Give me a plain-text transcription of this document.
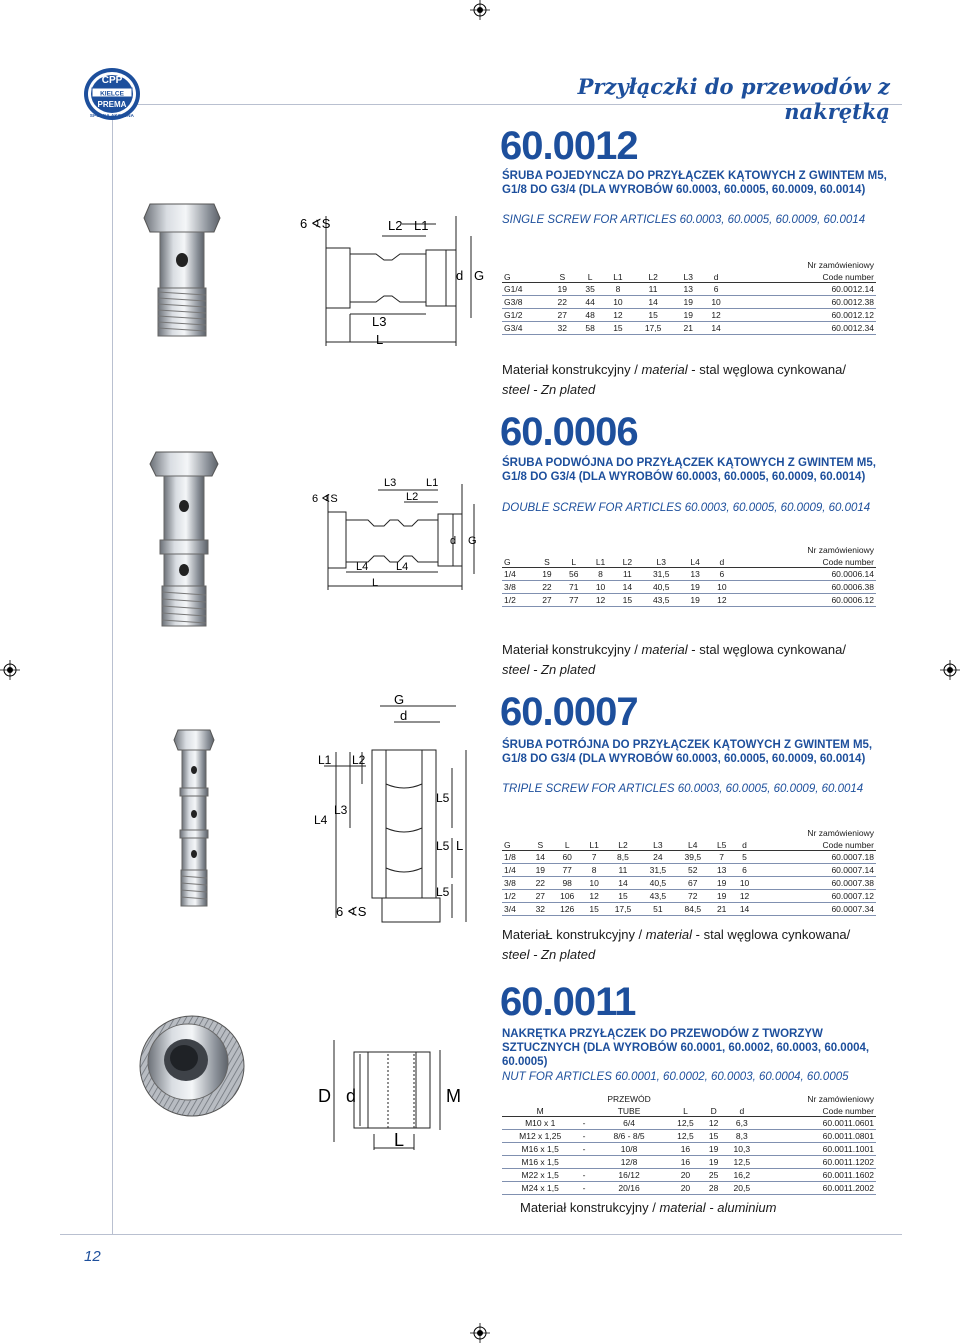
CPP
KIELCE
PREMA
SPÓŁKA AKCYJNA
Przyłączki do przewodów z nakrętką
6 ∢S	L2 L1
L3
L
d G
60.0012
ŚRUBA POJEDYNCZA DO PRZYŁĄCZEK KĄTOWYCH Z GWINTEM M5, G1/8 DO G3/4 (DLA WYROBÓW 60.0003, 60.0005, 60.0009, 60.0014)
SINGLE SCREW FOR ARTICLES 60.0003, 60.0005, 60.0009, 60.0014
							Nr zamówieniowy
G	S	L	L1	L2	L3	d	Code number
G1/4	19	35	8	11	13	6	60.0012.14
G3/8	22	44	10	14	19	10	60.0012.38
G1/2	27	48	12	15	19	12	60.0012.12
G3/4	32	58	15	17,5	21	14	60.0012.34
Materiał konstrukcyjny / material - stal węglowa cynkowana/
steel - Zn plated
6 ∢S
L3	L1
L2
L4	L4
L
d G
60.0006
ŚRUBA PODWÓJNA DO PRZYŁĄCZEK KĄTOWYCH Z GWINTEM M5, G1/8 DO G3/4 (DLA WYROBÓW 60.0003, 60.0005, 60.0009, 60.0014)
DOUBLE SCREW FOR ARTICLES 60.0003, 60.0005, 60.0009, 60.0014
								Nr zamówieniowy
G	S	L	L1	L2	L3	L4	d	Code number
1/4	19	56	8	11	31,5	13	6	60.0006.14
3/8	22	71	10	14	40,5	19	10	60.0006.38
1/2	27	77	12	15	43,5	19	12	60.0006.12
Materiał konstrukcyjny / material - stal węglowa cynkowana/
steel - Zn plated
G
d
L1 L2
L3
L4
L5
L5
L5
L
6 ∢S
60.0007
ŚRUBA POTRÓJNA DO PRZYŁĄCZEK KĄTOWYCH Z GWINTEM M5, G1/8 DO G3/4 (DLA WYROBÓW 60.0003, 60.0005, 60.0009, 60.0014)
TRIPLE SCREW FOR ARTICLES 60.0003, 60.0005, 60.0009, 60.0014
									Nr zamówieniowy
G	S	L	L1	L2	L3	L4	L5	d	Code number
1/8	14	60	7	8,5	24	39,5	7	5	60.0007.18
1/4	19	77	8	11	31,5	52	13	6	60.0007.14
3/8	22	98	10	14	40,5	67	19	10	60.0007.38
1/2	27	106	12	15	43,5	72	19	12	60.0007.12
3/4	32	126	15	17,5	51	84,5	21	14	60.0007.34
MateriaŁ konstrukcyjny / material - stal węglowa cynkowana/
steel - Zn plated
D d	M
L
60.0011
NAKRĘTKA PRZYŁĄCZEK DO PRZEWODÓW Z TWORZYW SZTUCZNYCH (DLA WYROBÓW 60.0001, 60.0002, 60.0003, 60.0004, 60.0005)
NUT FOR ARTICLES 60.0001, 60.0002, 60.0003, 60.0004, 60.0005
		PRZEWÓD				Nr zamówieniowy
M		TUBE	L	D	d	Code number
M10 x 1	-	6/4	12,5	12	6,3	60.0011.0601
M12 x 1,25	-	8/6 - 8/5	12,5	15	8,3	60.0011.0801
M16 x 1,5	-	10/8	16	19	10,3	60.0011.1001
M16 x 1,5		12/8	16	19	12,5	60.0011.1202
M22 x 1,5	-	16/12	20	25	16,2	60.0011.1602
M24 x 1,5	-	20/16	20	28	20,5	60.0011.2002
Materiał konstrukcyjny / material - aluminium
12
